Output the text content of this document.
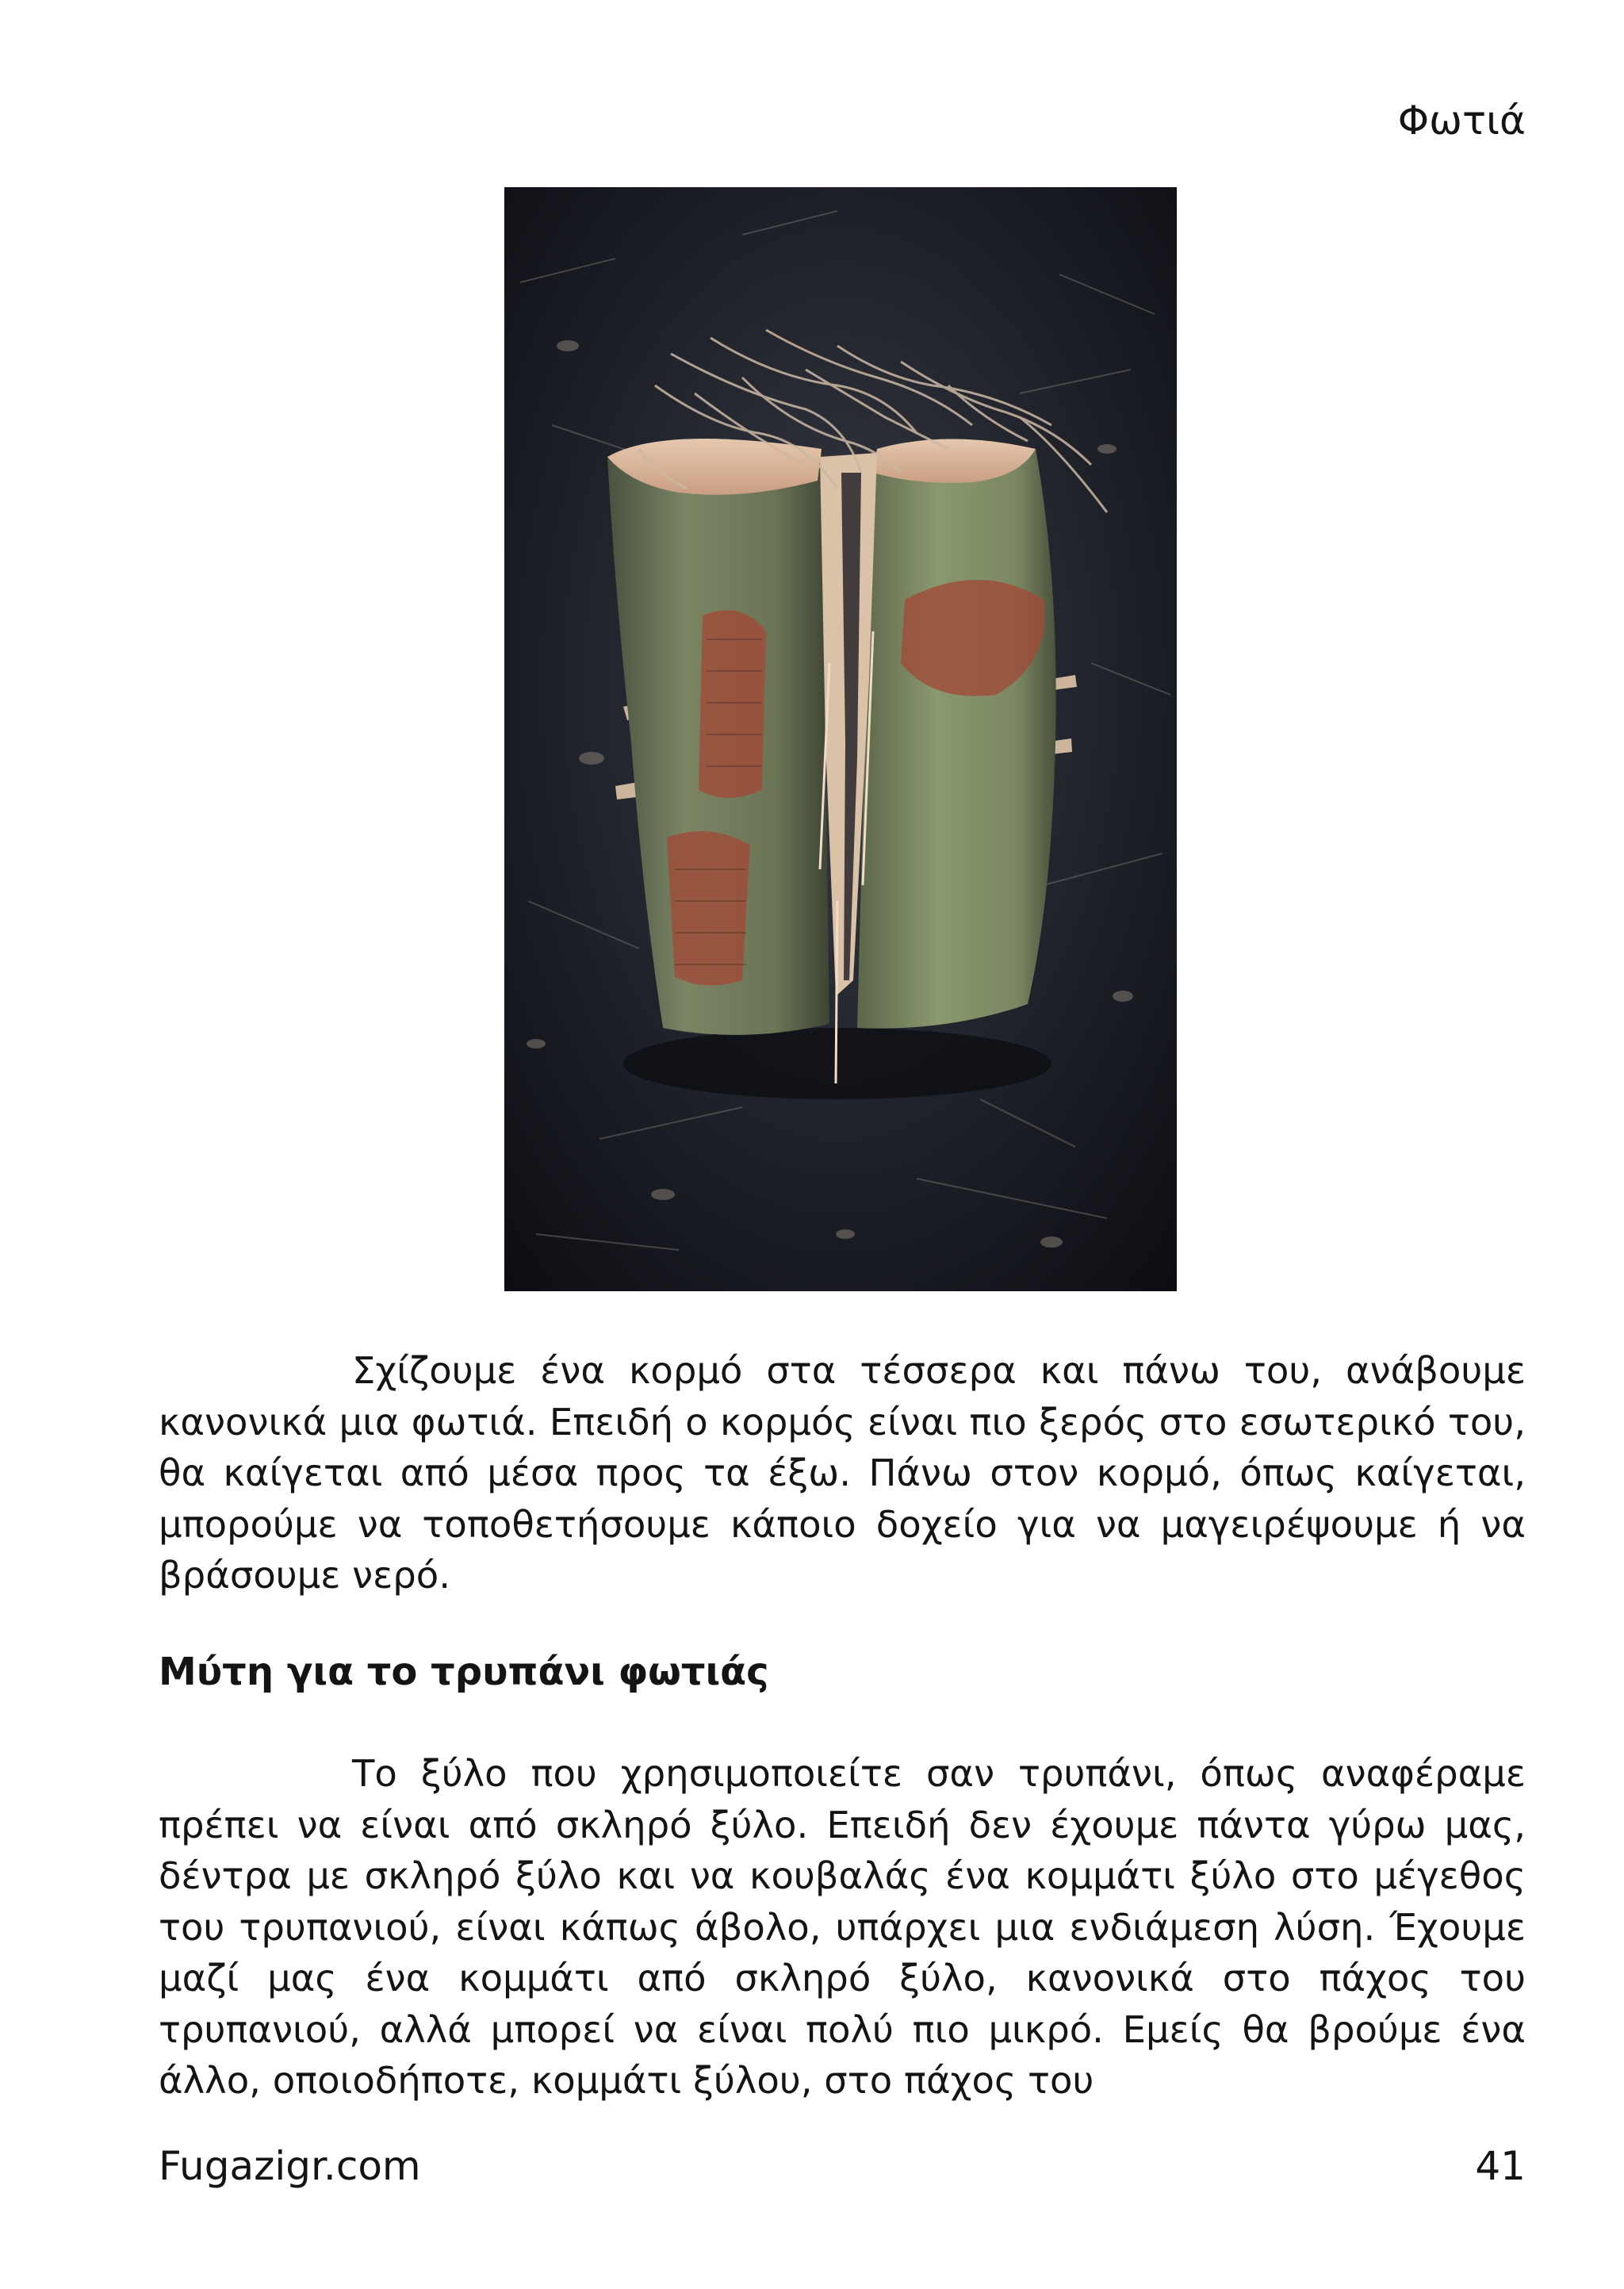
Φωτιά

Σχίζουμε ένα κορμό στα τέσσερα και πάνω του, ανάβουμε κανονικά μια φωτιά. Επειδή ο κορμός είναι πιο ξερός στο εσωτερικό του, θα καίγεται από μέσα προς τα έξω. Πάνω στον κορμό, όπως καίγεται, μπορούμε να τοποθετήσουμε κάποιο δοχείο για να μαγειρέψουμε ή να βράσουμε νερό.

Μύτη για το τρυπάνι φωτιάς

Το ξύλο που χρησιμοποιείτε σαν τρυπάνι, όπως αναφέραμε πρέπει να είναι από σκληρό ξύλο. Επειδή δεν έχουμε πάντα γύρω μας, δέντρα με σκληρό ξύλο και να κουβαλάς ένα κομμάτι ξύλο στο μέγεθος του τρυπανιού, είναι κάπως άβολο, υπάρχει μια ενδιάμεση λύση. Έχουμε μαζί μας ένα κομμάτι από σκληρό ξύλο, κανονικά στο πάχος του τρυπανιού, αλλά μπορεί να είναι πολύ πιο μικρό. Εμείς θα βρούμε ένα άλλο, οποιοδήποτε, κομμάτι ξύλου, στο πάχος του

Fugazigr.com	41
